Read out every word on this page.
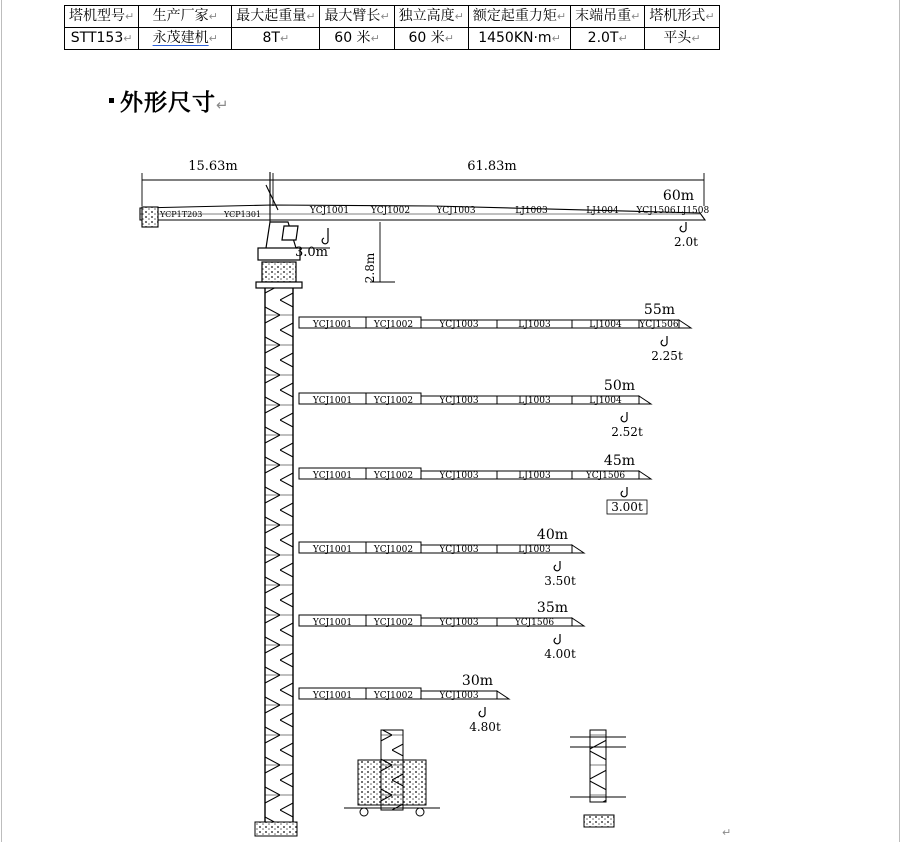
塔机型号↵	生产厂家↵	最大起重量↵	最大臂长↵	独立高度↵	额定起重力矩↵	末端吊重↵	塔机形式↵
STT153↵	永茂建机↵	8T↵	60 米↵	60 米↵	1450KN·m↵	2.0T↵	平头↵
外形尺寸↵
15.63m	61.83m
3.0m
2.8m
YCP1T203	YCP1301	YCJ1001 YCJ1002	YCJ1003	LJ1003	LJ1004 YCJ1506 LJ1508
60m
2.0t
YCJ1001 YCJ1002	YCJ1003	LJ1003	LJ1004 YCJ1506
55m
2.25t
YCJ1001 YCJ1002	YCJ1003	LJ1003	LJ1004
50m
2.52t
YCJ1001 YCJ1002	YCJ1003	LJ1003	YCJ1506
45m
3.00t
YCJ1001 YCJ1002	YCJ1003	LJ1003
40m
3.50t
YCJ1001 YCJ1002	YCJ1003	YCJ1506
35m
4.00t
YCJ1001 YCJ1002	YCJ1003
30m
4.80t
↵
